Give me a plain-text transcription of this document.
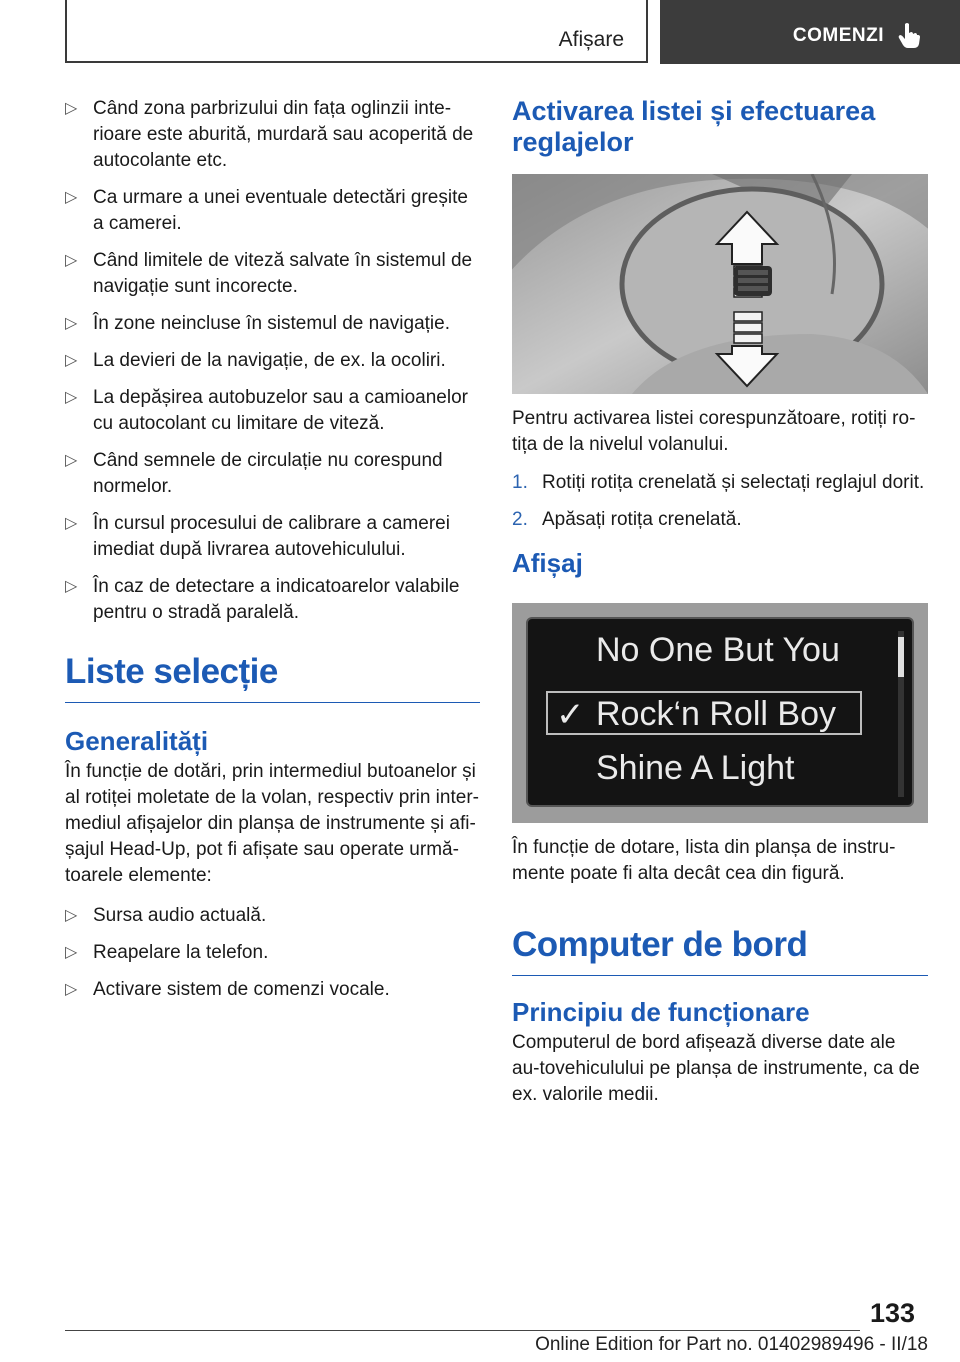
Afișare	COMENZI
▷ Când zona parbrizului din fața oglinzii inte-rioare este aburită, murdară sau acoperită de autocolante etc.
▷ Ca urmare a unei eventuale detectări greșite a camerei.
▷ Când limitele de viteză salvate în sistemul de navigație sunt incorecte.
▷ În zone neincluse în sistemul de navigație.
▷ La devieri de la navigație, de ex. la ocoliri.
▷ La depășirea autobuzelor sau a camioanelor cu autocolant cu limitare de viteză.
▷ Când semnele de circulație nu corespund normelor.
▷ În cursul procesului de calibrare a camerei imediat după livrarea autovehiculului.
▷ În caz de detectare a indicatoarelor valabile pentru o stradă paralelă.
Liste selecție
Generalități

În funcție de dotări, prin intermediul butoanelor și al rotiței moletate de la volan, respectiv prin inter-mediul afișajelor din planșa de instrumente și afi-șajul Head-Up, pot fi afișate sau operate urmă-toarele elemente:

▷ Sursa audio actuală.
▷ Reapelare la telefon.
▷ Activare sistem de comenzi vocale.
Activarea listei și efectuarea reglajelor

Pentru activarea listei corespunzătoare, rotiți ro-tița de la nivelul volanului.

1. Rotiți rotița crenelată și selectați reglajul dorit.
2. Apăsați rotița crenelată.
Afișaj
No One But You
✓ Rock‘n Roll Boy
Shine A Light

În funcție de dotare, lista din planșa de instru-mente poate fi alta decât cea din figură.

Computer de bord
Principiu de funcționare

Computerul de bord afișează diverse date ale au-tovehiculului pe planșa de instrumente, ca de ex. valorile medii.

133
Online Edition for Part no. 01402989496 - II/18
